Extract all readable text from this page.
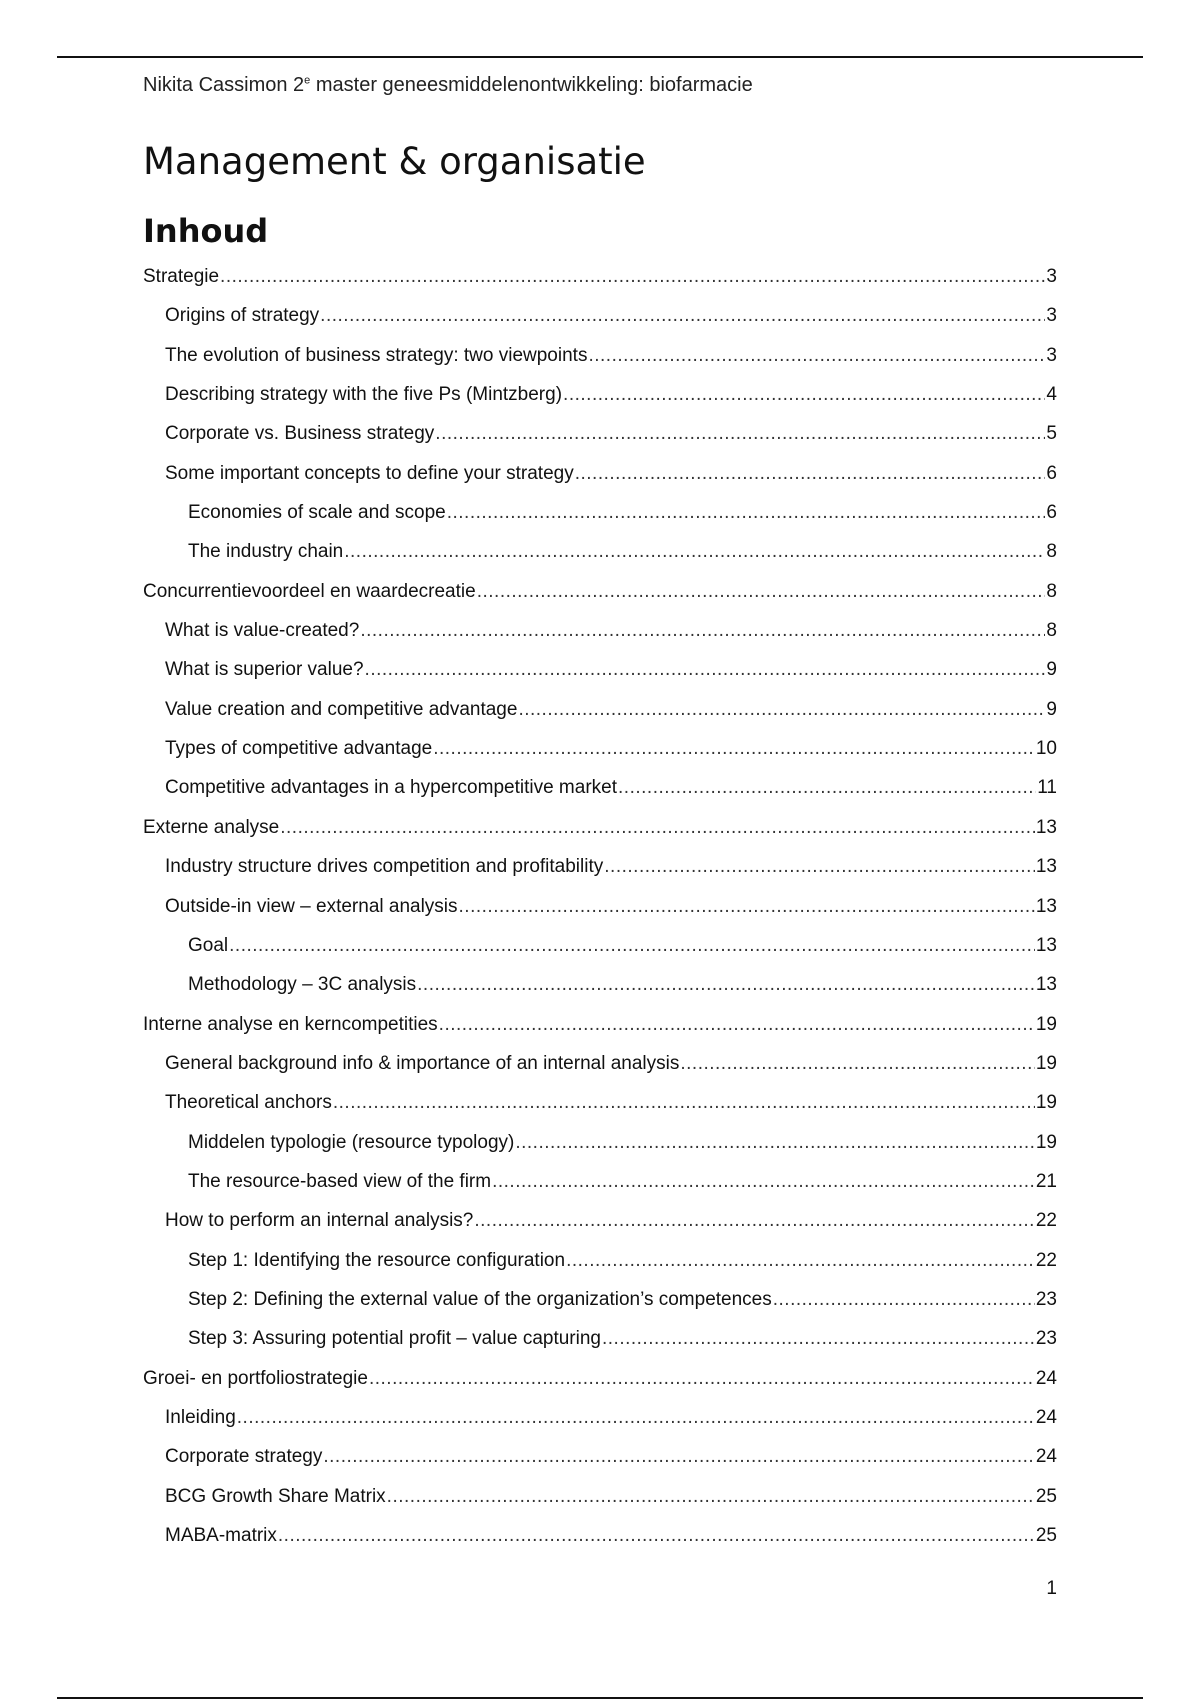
Nikita Cassimon 2e master geneesmiddelenontwikkeling: biofarmacie
Management & organisatie
Inhoud
Strategie .....	3
Origins of strategy .....	3
The evolution of business strategy: two viewpoints .....	3
Describing strategy with the five Ps (Mintzberg) .....	4
Corporate vs. Business strategy .....	5
Some important concepts to define your strategy .....	6
Economies of scale and scope .....	6
The industry chain .....	8
Concurrentievoordeel en waardecreatie .....	8
What is value-created? .....	8
What is superior value? .....	9
Value creation and competitive advantage .....	9
Types of competitive advantage .....	10
Competitive advantages in a hypercompetitive market .....	11
Externe analyse .....	13
Industry structure drives competition and profitability .....	13
Outside-in view – external analysis .....	13
Goal .....	13
Methodology – 3C analysis .....	13
Interne analyse en kerncompetities .....	19
General background info & importance of an internal analysis .....	19
Theoretical anchors .....	19
Middelen typologie (resource typology) .....	19
The resource-based view of the firm .....	21
How to perform an internal analysis? .....	22
Step 1: Identifying the resource configuration .....	22
Step 2: Defining the external value of the organization’s competences .....	23
Step 3: Assuring potential profit – value capturing .....	23
Groei- en portfoliostrategie .....	24
Inleiding .....	24
Corporate strategy .....	24
BCG Growth Share Matrix .....	25
MABA-matrix .....	25
1
